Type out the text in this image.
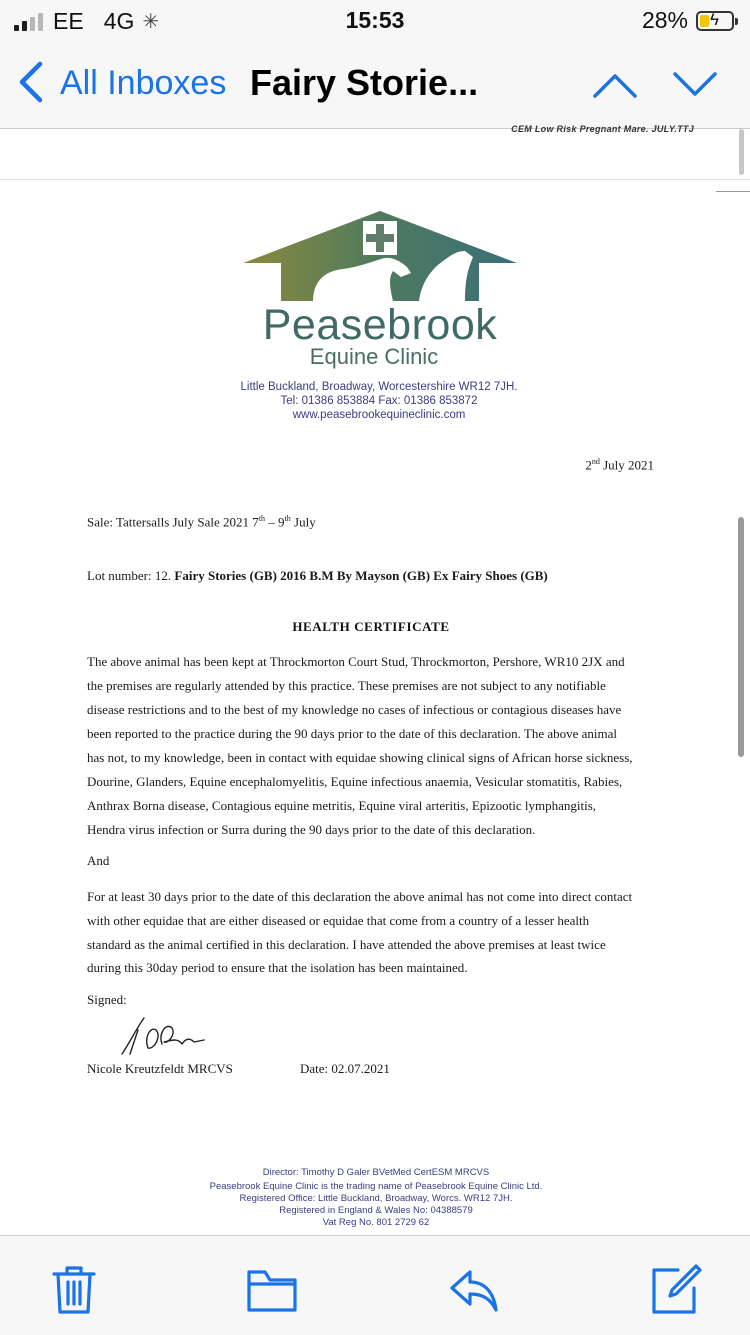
EE 4G ✳	15:53	28% ϟ
All Inboxes Fairy Storie...
CEM Low Risk Pregnant Mare. JULY.TTJ
Peasebrook
Equine Clinic
Little Buckland, Broadway, Worcestershire WR12 7JH.
Tel: 01386 853884 Fax: 01386 853872
www.peasebrookequineclinic.com
2nd July 2021
Sale: Tattersalls July Sale 2021 7th – 9th July
Lot number: 12. Fairy Stories (GB) 2016 B.M By Mayson (GB) Ex Fairy Shoes (GB)
HEALTH CERTIFICATE
The above animal has been kept at Throckmorton Court Stud, Throckmorton, Pershore, WR10 2JX and
the premises are regularly attended by this practice. These premises are not subject to any notifiable
disease restrictions and to the best of my knowledge no cases of infectious or contagious diseases have
been reported to the practice during the 90 days prior to the date of this declaration. The above animal
has not, to my knowledge, been in contact with equidae showing clinical signs of African horse sickness,
Dourine, Glanders, Equine encephalomyelitis, Equine infectious anaemia, Vesicular stomatitis, Rabies,
Anthrax Borna disease, Contagious equine metritis, Equine viral arteritis, Epizootic lymphangitis,
Hendra virus infection or Surra during the 90 days prior to the date of this declaration.
And
For at least 30 days prior to the date of this declaration the above animal has not come into direct contact
with other equidae that are either diseased or equidae that come from a country of a lesser health
standard as the animal certified in this declaration. I have attended the above premises at least twice
during this 30day period to ensure that the isolation has been maintained.
Signed:
Nicole Kreutzfeldt MRCVS	Date: 02.07.2021
Director: Timothy D Galer BVetMed CertESM MRCVS
Peasebrook Equine Clinic is the trading name of Peasebrook Equine Clinic Ltd.
Registered Office: Little Buckland, Broadway, Worcs. WR12 7JH.
Registered in England & Wales No: 04388579
Vat Reg No. 801 2729 62
